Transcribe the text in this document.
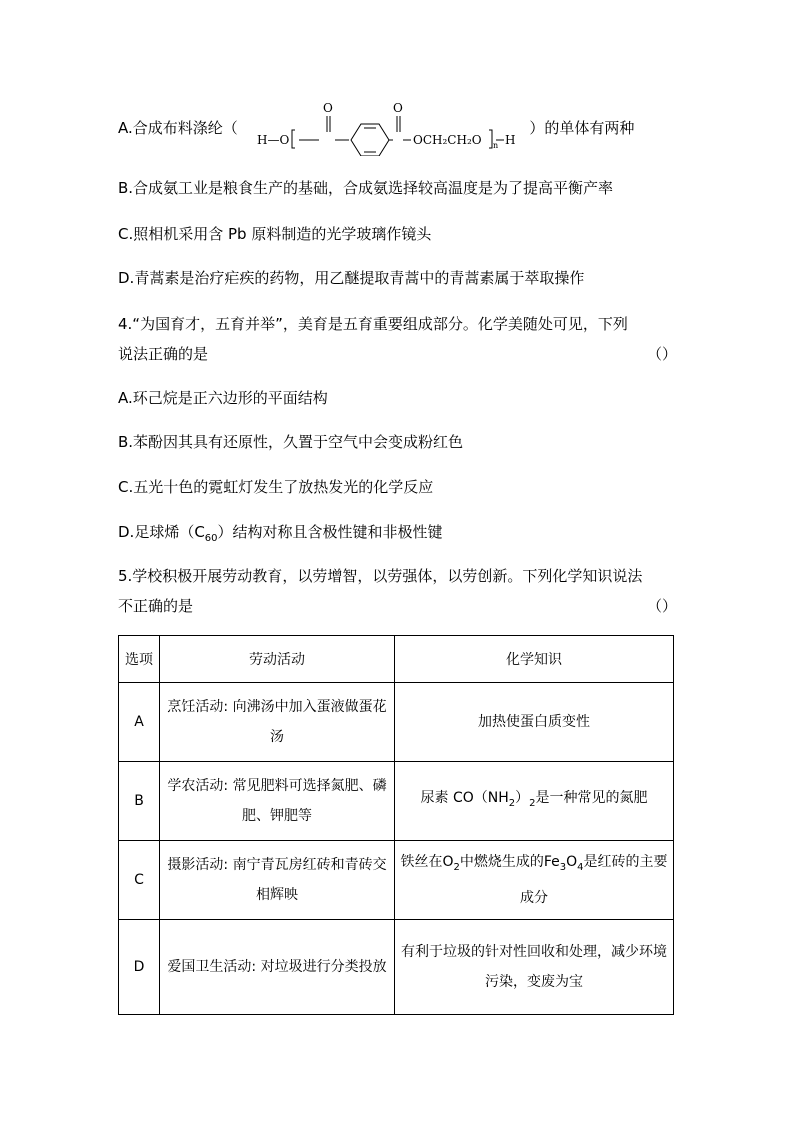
A.合成布料涤纶（	）的单体有两种
H—O
O	O
OCH₂CH₂O n H
B.合成氨工业是粮食生产的基础，合成氨选择较高温度是为了提高平衡产率
C.照相机采用含 Pb 原料制造的光学玻璃作镜头
D.青蒿素是治疗疟疾的药物，用乙醚提取青蒿中的青蒿素属于萃取操作
4.“为国育才，五育并举”，美育是五育重要组成部分。化学美随处可见，下列
说法正确的是	（）
A.环己烷是正六边形的平面结构
B.苯酚因其具有还原性，久置于空气中会变成粉红色
C.五光十色的霓虹灯发生了放热发光的化学反应
D.足球烯$(C_{60})$结构对称且含极性键和非极性键
5.学校积极开展劳动教育，以劳增智，以劳强体，以劳创新。下列化学知识说法
不正确的是	（）
选项	劳动活动	化学知识
A	烹饪活动: 向沸汤中加入蛋液做蛋花汤	加热使蛋白质变性
B	学农活动: 常见肥料可选择氮肥、磷肥、钾肥等	尿素 $CO(NH_2)_2$是一种常见的氮肥
C	摄影活动: 南宁青瓦房红砖和青砖交相辉映	铁丝在$O_2$中燃烧生成的$Fe_3O_4$是红砖的主要成分
D	爱国卫生活动: 对垃圾进行分类投放	有利于垃圾的针对性回收和处理，减少环境污染，变废为宝
